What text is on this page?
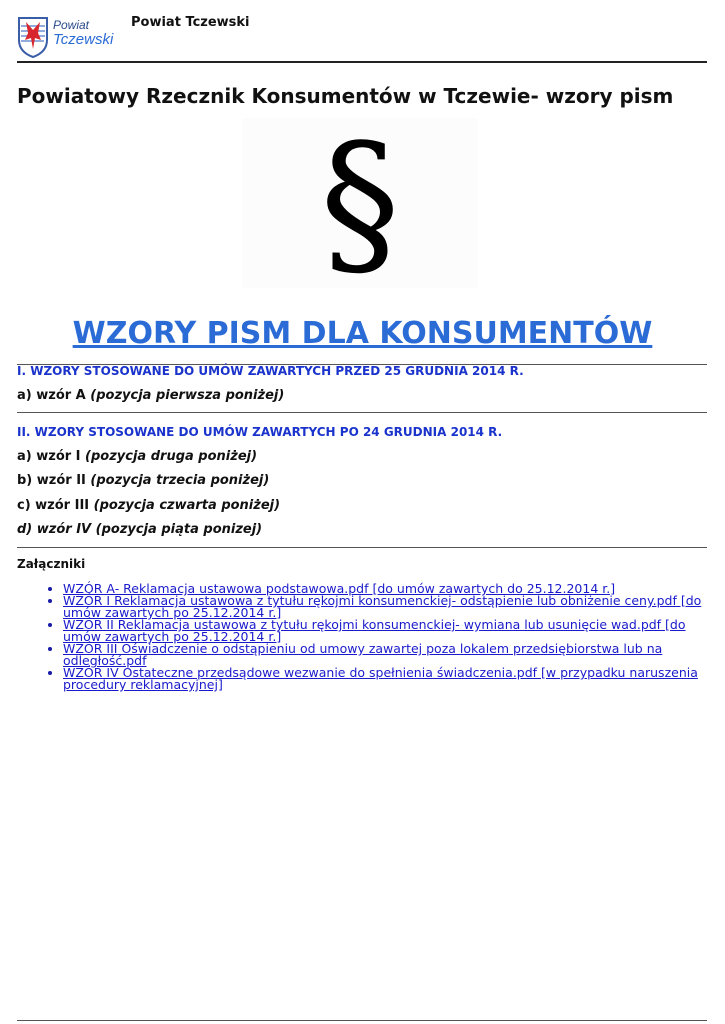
Powiat
Tczewski
Powiat Tczewski
Powiatowy Rzecznik Konsumentów w Tczewie- wzory pism
§
WZORY PISM DLA KONSUMENTÓW
I. WZORY STOSOWANE DO UMÓW ZAWARTYCH PRZED 25 GRUDNIA 2014 R.
a) wzór A (pozycja pierwsza poniżej)
II. WZORY STOSOWANE DO UMÓW ZAWARTYCH PO 24 GRUDNIA 2014 R.
a) wzór I (pozycja druga poniżej)
b) wzór II (pozycja trzecia poniżej)
c) wzór III (pozycja czwarta poniżej)
d) wzór IV (pozycja piąta ponizej)
Załączniki
• WZÓR A- Reklamacja ustawowa podstawowa.pdf [do umów zawartych do 25.12.2014 r.]
• WZÓR I Reklamacja ustawowa z tytułu rękojmi konsumenckiej- odstąpienie lub obniżenie ceny.pdf [do umów zawartych po 25.12.2014 r.]
• WZÓR II Reklamacja ustawowa z tytułu rękojmi konsumenckiej- wymiana lub usunięcie wad.pdf [do umów zawartych po 25.12.2014 r.]
• WZÓR III Oświadczenie o odstąpieniu od umowy zawartej poza lokalem przedsiębiorstwa lub na odległość.pdf
• WZÓR IV Ostateczne przedsądowe wezwanie do spełnienia świadczenia.pdf [w przypadku naruszenia procedury reklamacyjnej]
